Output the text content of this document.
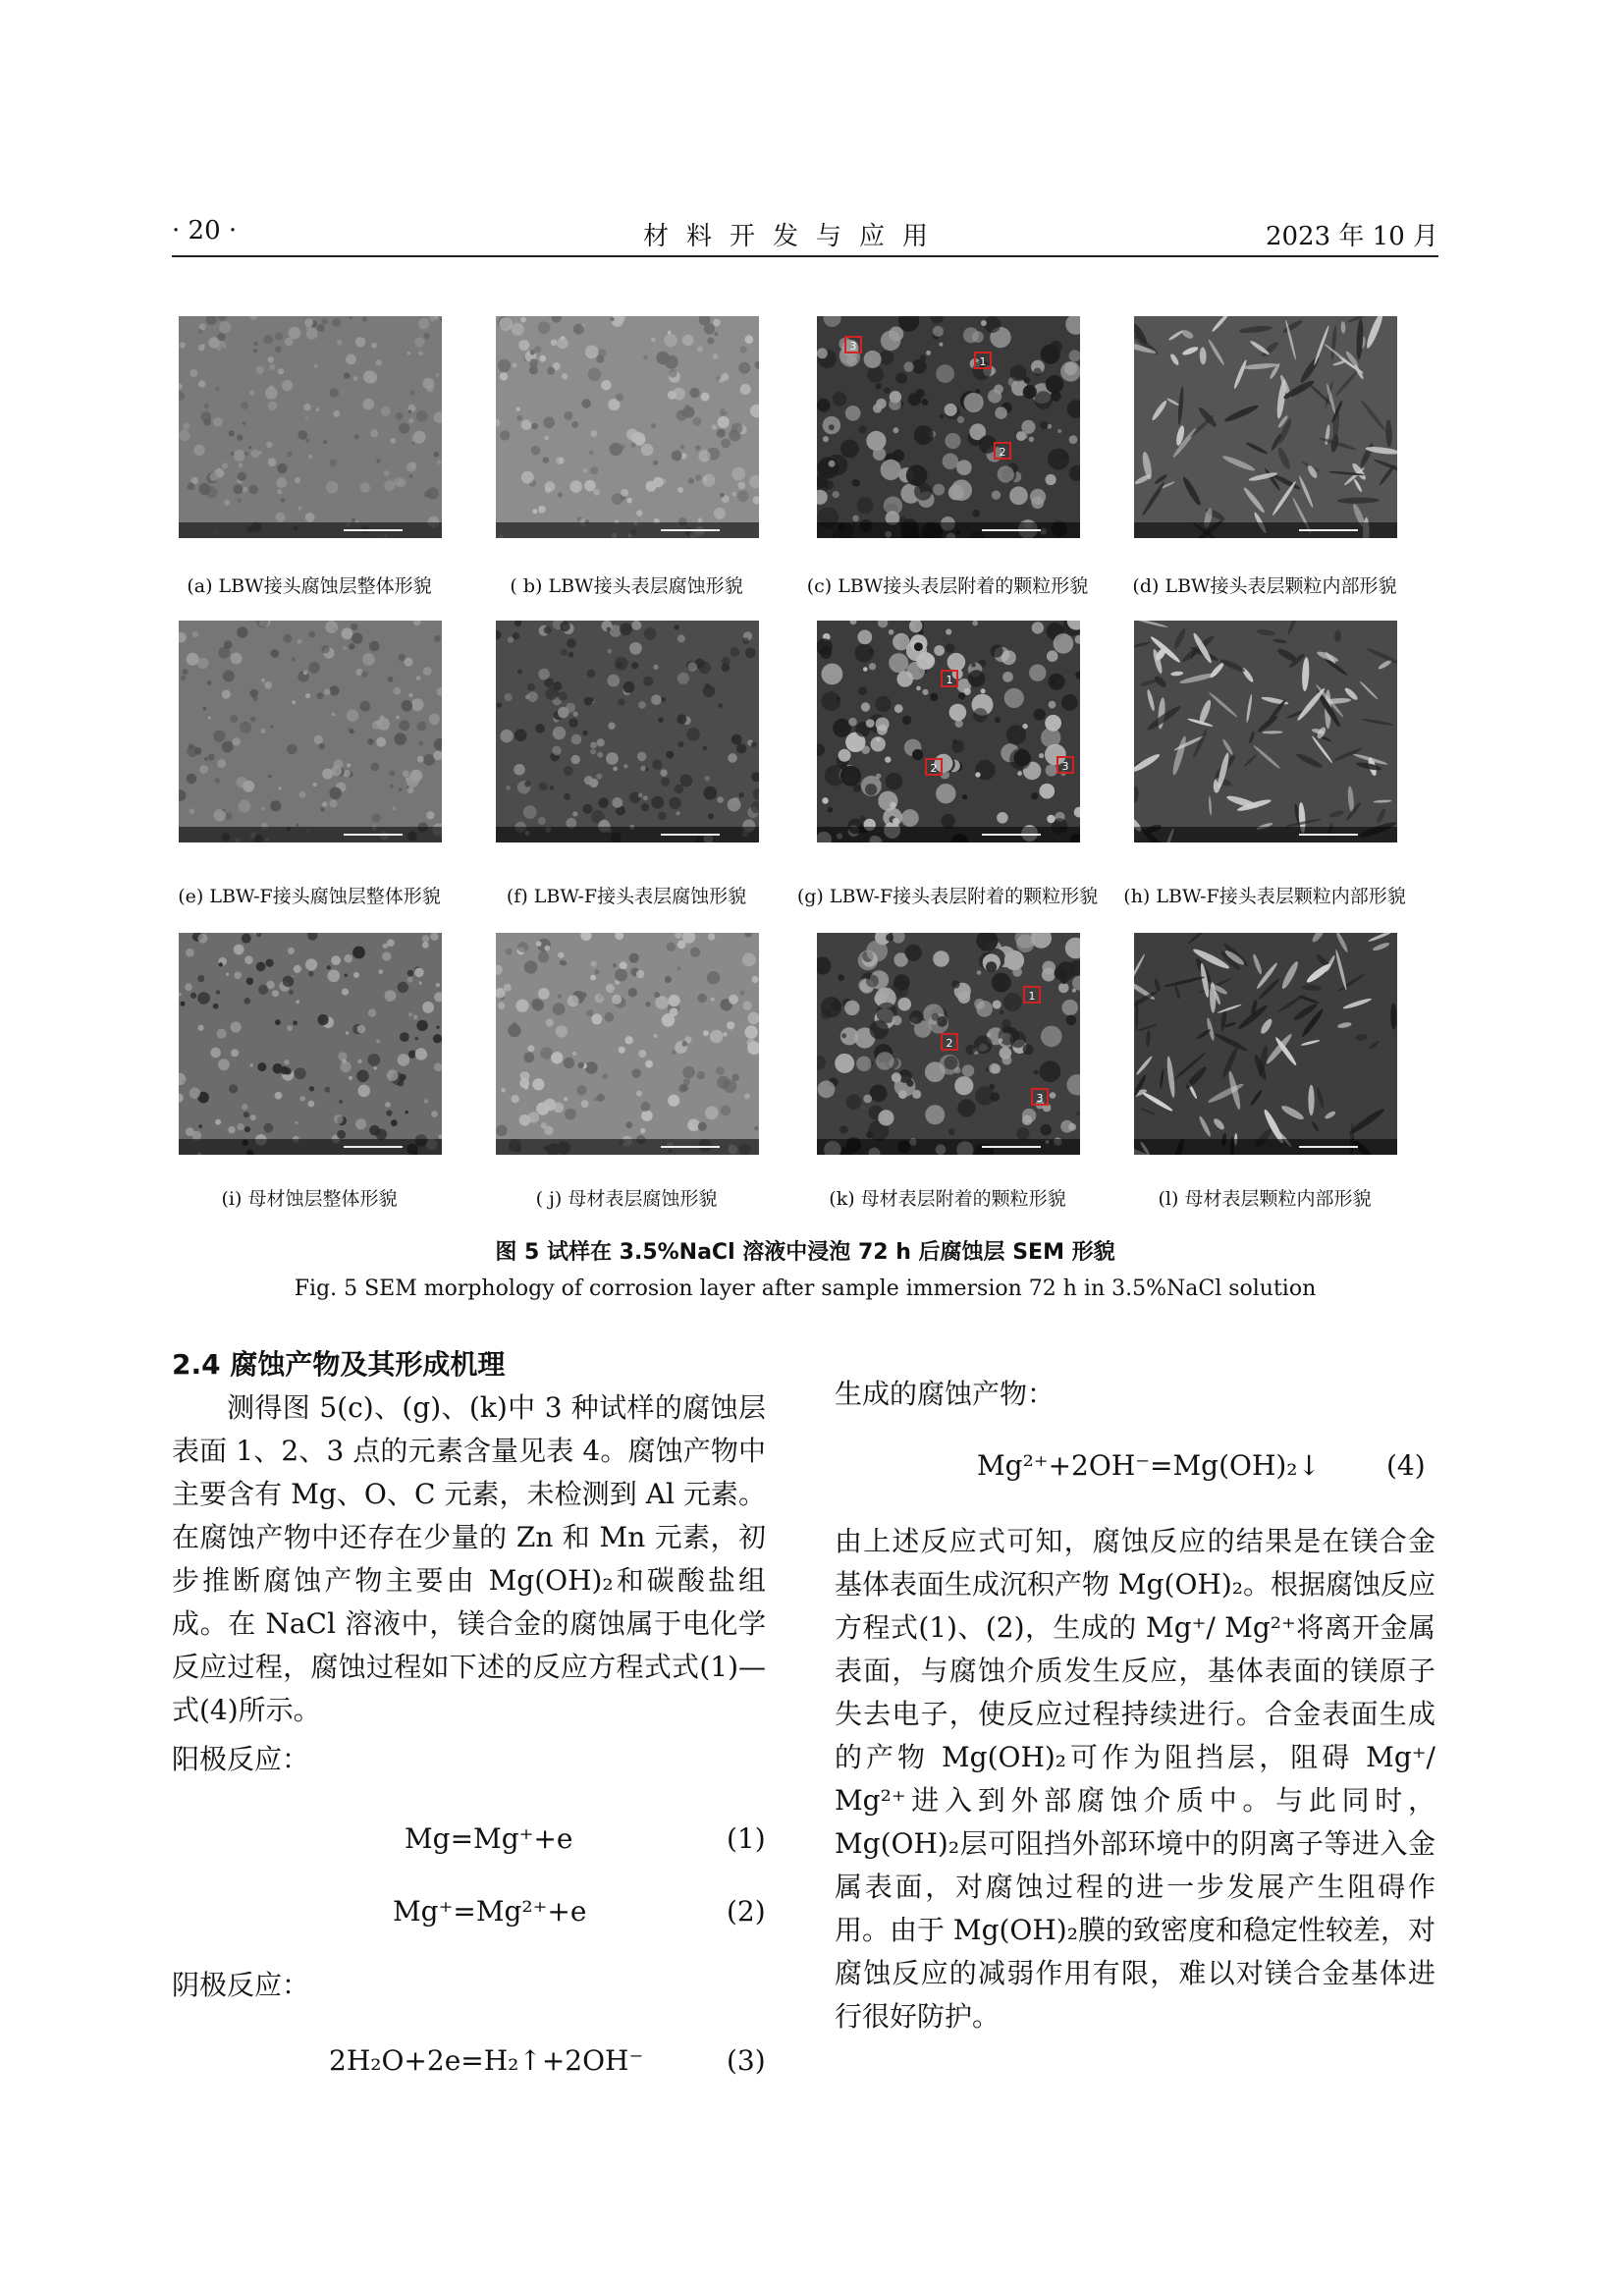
· 20 ·	材料开发与应用	2023 年 10 月
(a) LBW接头腐蚀层整体形貌	( b) LBW接头表层腐蚀形貌
3
1
2
(c) LBW接头表层附着的颗粒形貌	(d) LBW接头表层颗粒内部形貌
(e) LBW-F接头腐蚀层整体形貌	(f) LBW-F接头表层腐蚀形貌
1
2	3
(g) LBW-F接头表层附着的颗粒形貌	(h) LBW-F接头表层颗粒内部形貌
(i) 母材蚀层整体形貌	( j) 母材表层腐蚀形貌
1
2
3
(k) 母材表层附着的颗粒形貌	(l) 母材表层颗粒内部形貌
图 5 试样在 3.5%NaCl 溶液中浸泡 72 h 后腐蚀层 SEM 形貌
Fig. 5 SEM morphology of corrosion layer after sample immersion 72 h in 3.5%NaCl solution
2.4 腐蚀产物及其形成机理

测得图 5(c)、(g)、(k)中 3 种试样的腐蚀层表面 1、2、3 点的元素含量见表 4。腐蚀产物中主要含有 Mg、O、C 元素，未检测到 Al 元素。在腐蚀产物中还存在少量的 Zn 和 Mn 元素，初步推断腐蚀产物主要由 Mg(OH)₂和碳酸盐组成。在 NaCl 溶液中，镁合金的腐蚀属于电化学反应过程，腐蚀过程如下述的反应方程式式(1)—式(4)所示。

阳极反应：
Mg=Mg⁺+e	(1)
Mg⁺=Mg²⁺+e	(2)
阴极反应：
2H₂O+2e=H₂↑+2OH⁻	(3)
生成的腐蚀产物：
Mg²⁺+2OH⁻=Mg(OH)₂↓ (4)

由上述反应式可知，腐蚀反应的结果是在镁合金基体表面生成沉积产物 Mg(OH)₂。根据腐蚀反应方程式(1)、(2)，生成的 Mg⁺/ Mg²⁺将离开金属表面，与腐蚀介质发生反应，基体表面的镁原子失去电子，使反应过程持续进行。合金表面生成的产物 Mg(OH)₂可作为阻挡层，阻碍 Mg⁺/ Mg²⁺进入到外部腐蚀介质中。与此同时，Mg(OH)₂层可阻挡外部环境中的阴离子等进入金属表面，对腐蚀过程的进一步发展产生阻碍作用。由于 Mg(OH)₂膜的致密度和稳定性较差，对腐蚀反应的减弱作用有限，难以对镁合金基体进行很好防护。
